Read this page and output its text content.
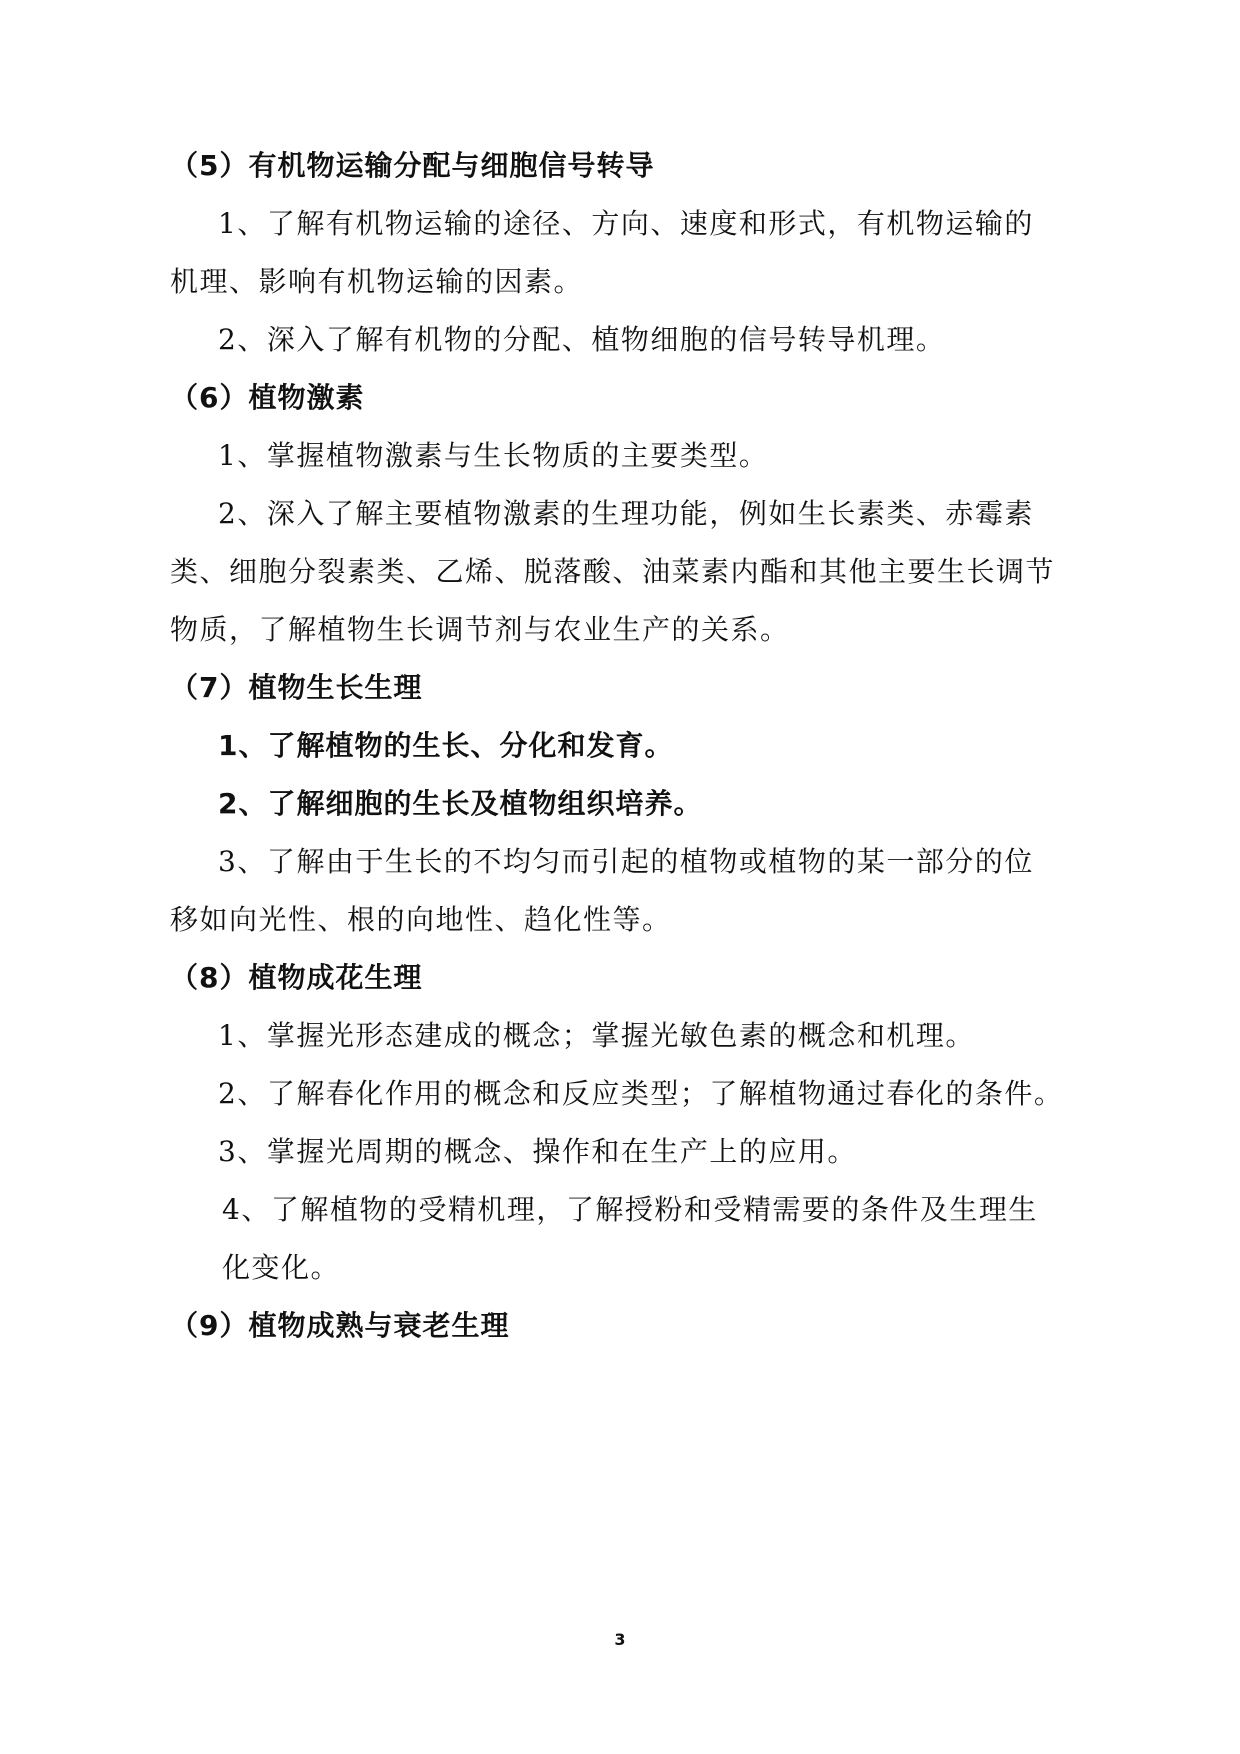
（5）有机物运输分配与细胞信号转导
1、了解有机物运输的途径、方向、速度和形式，有机物运输的
机理、影响有机物运输的因素。
2、深入了解有机物的分配、植物细胞的信号转导机理。
（6）植物激素
1、掌握植物激素与生长物质的主要类型。
2、深入了解主要植物激素的生理功能，例如生长素类、赤霉素
类、细胞分裂素类、乙烯、脱落酸、油菜素内酯和其他主要生长调节
物质，了解植物生长调节剂与农业生产的关系。
（7）植物生长生理
1、了解植物的生长、分化和发育。
2、了解细胞的生长及植物组织培养。
3、了解由于生长的不均匀而引起的植物或植物的某一部分的位
移如向光性、根的向地性、趋化性等。
（8）植物成花生理
1、掌握光形态建成的概念；掌握光敏色素的概念和机理。
2、了解春化作用的概念和反应类型；了解植物通过春化的条件。
3、掌握光周期的概念、操作和在生产上的应用。
4、了解植物的受精机理，了解授粉和受精需要的条件及生理生
化变化。
（9）植物成熟与衰老生理
3
